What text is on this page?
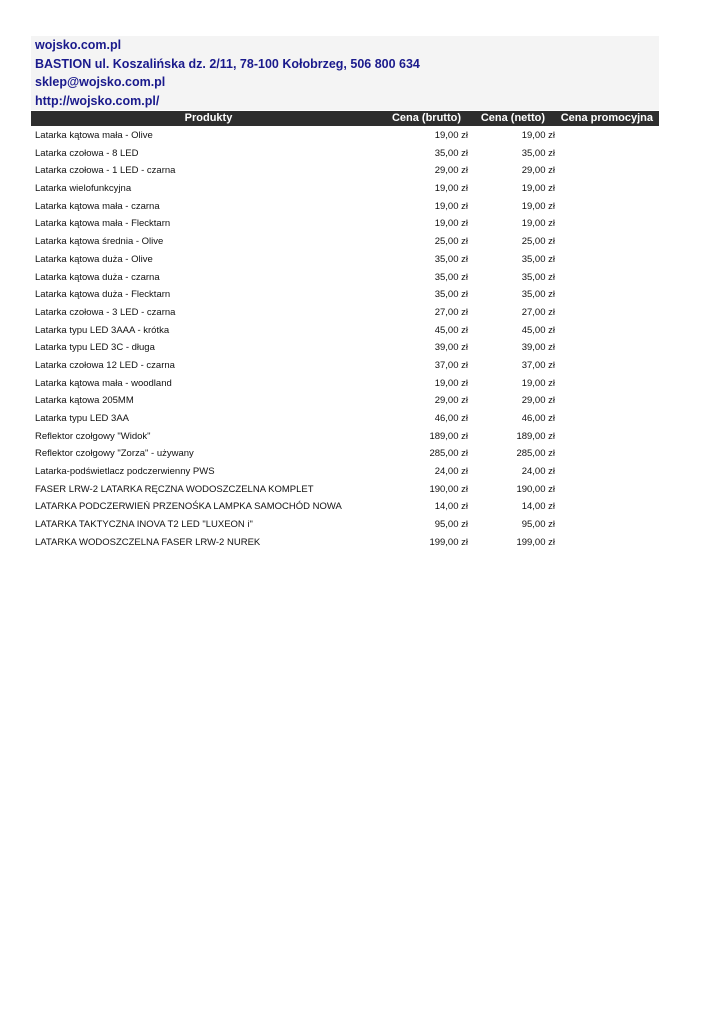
wojsko.com.pl
BASTION ul. Koszalińska dz. 2/11, 78-100 Kołobrzeg, 506 800 634
sklep@wojsko.com.pl
http://wojsko.com.pl/
Produkty	Cena (brutto) Cena (netto) Cena promocyjna
Latarka kątowa mała - Olive	19,00 zł	19,00 zł
Latarka czołowa - 8 LED	35,00 zł	35,00 zł
Latarka czołowa - 1 LED - czarna	29,00 zł	29,00 zł
Latarka wielofunkcyjna	19,00 zł	19,00 zł
Latarka kątowa mała - czarna	19,00 zł	19,00 zł
Latarka kątowa mała - Flecktarn	19,00 zł	19,00 zł
Latarka kątowa średnia - Olive	25,00 zł	25,00 zł
Latarka kątowa duża - Olive	35,00 zł	35,00 zł
Latarka kątowa duża - czarna	35,00 zł	35,00 zł
Latarka kątowa duża - Flecktarn	35,00 zł	35,00 zł
Latarka czołowa - 3 LED - czarna	27,00 zł	27,00 zł
Latarka typu LED 3AAA - krótka	45,00 zł	45,00 zł
Latarka typu LED 3C - długa	39,00 zł	39,00 zł
Latarka czołowa 12 LED - czarna	37,00 zł	37,00 zł
Latarka kątowa mała - woodland	19,00 zł	19,00 zł
Latarka kątowa 205MM	29,00 zł	29,00 zł
Latarka typu LED 3AA	46,00 zł	46,00 zł
Reflektor czołgowy "Widok"	189,00 zł	189,00 zł
Reflektor czołgowy "Zorza" - używany	285,00 zł	285,00 zł
Latarka-podświetlacz podczerwienny PWS	24,00 zł	24,00 zł
FASER LRW-2 LATARKA RĘCZNA WODOSZCZELNA KOMPLET	190,00 zł	190,00 zł
LATARKA PODCZERWIEŃ PRZENOŚKA LAMPKA SAMOCHÓD NOWA	14,00 zł	14,00 zł
LATARKA TAKTYCZNA INOVA T2 LED "LUXEON i"	95,00 zł	95,00 zł
LATARKA WODOSZCZELNA FASER LRW-2 NUREK	199,00 zł	199,00 zł
